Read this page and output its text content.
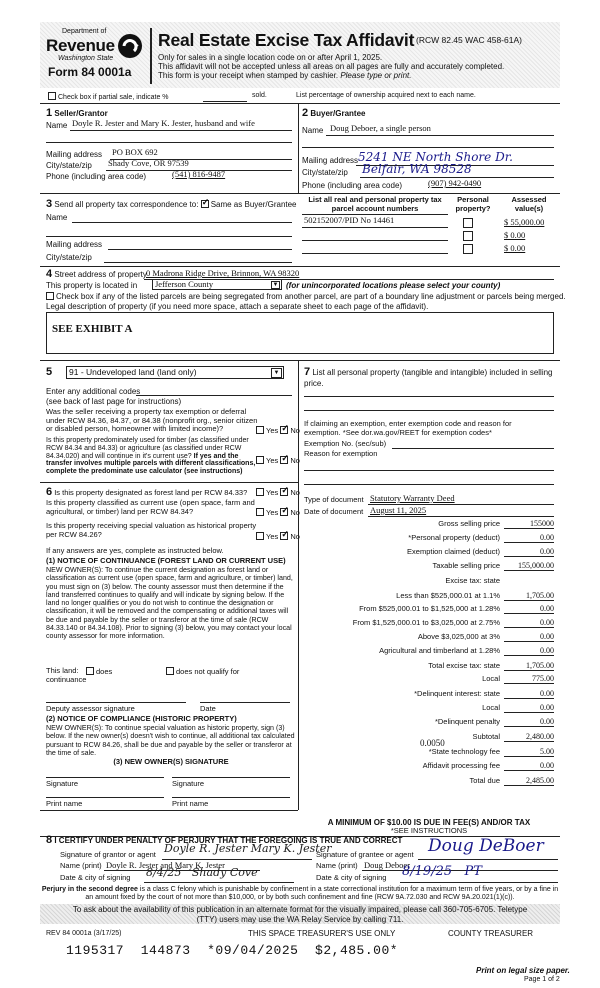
Department of
Revenue
Washington State
Form 84 0001a
Real Estate Excise Tax Affidavit (RCW 82.45 WAC 458-61A)
Only for sales in a single location code on or after April 1, 2025.
This affidavit will not be accepted unless all areas on all pages are fully and accurately completed.
This form is your receipt when stamped by cashier. Please type or print.
Check box if partial sale, indicate %	sold.	List percentage of ownership acquired next to each name.
1 Seller/Grantor
Name Doyle R. Jester and Mary K. Jester, husband and wife
Mailing address PO BOX 692
City/state/zip Shady Cove, OR 97539
Phone (including area code)	(541) 816-9487
2 Buyer/Grantee
Name Doug Deboer, a single person
Mailing address 5241 NE North Shore Dr.
City/state/zip Belfair, WA 98528
Phone (including area code)	(907) 942-0490
3 Send all property tax correspondence to: ✓ Same as Buyer/Grantee
Name
Mailing address
City/state/zip
List all real and personal property tax parcel account numbers
Personal property?
Assessed value(s)
502152007/PID No 14461	$ 55,000.00
$ 0.00
$ 0.00
4 Street address of property 0 Madrona Ridge Drive, Brinnon, WA 98320
This property is located in Jefferson County	▼ (for unincorporated locations please select your county)
Check box if any of the listed parcels are being segregated from another parcel, are part of a boundary line adjustment or parcels being merged.
Legal description of property (if you need more space, attach a separate sheet to each page of the affidavit).
SEE EXHIBIT A
5 91 - Undeveloped land (land only)	▼
Enter any additional codes
(see back of last page for instructions)
Was the seller receiving a property tax exemption or deferral under RCW 84.36, 84.37, or 84.38 (nonprofit org., senior citizen or disabled person, homeowner with limited income)?	Yes ✓ No
Is this property predominately used for timber (as classified under RCW 84.34 and 84.33) or agriculture (as classified under RCW 84.34.020) and will continue in it's current use? If yes and the transfer involves multiple parcels with different classifications, complete the predominate use calculator (see instructions)
Yes ✓ No
6 Is this property designated as forest land per RCW 84.33?	Yes ✓ No
Is this property classified as current use (open space, farm and agricultural, or timber) land per RCW 84.34?	Yes ✓ No
Is this property receiving special valuation as historical property per RCW 84.26?	Yes ✓ No
If any answers are yes, complete as instructed below.
(1) NOTICE OF CONTINUANCE (FOREST LAND OR CURRENT USE)
NEW OWNER(S): To continue the current designation as forest land or classification as current use (open space, farm and agriculture, or timber) land, you must sign on (3) below. The county assessor must then determine if the land transferred continues to qualify and will indicate by signing below. If the land no longer qualifies or you do not wish to continue the designation or classification, it will be removed and the compensating or additional taxes will be due and payable by the seller or transferor at the time of sale (RCW 84.33.140 or 84.34.108). Prior to signing (3) below, you may contact your local county assessor for more information.
This land:	does	does not qualify for
continuance
Deputy assessor signature	Date
(2) NOTICE OF COMPLIANCE (HISTORIC PROPERTY)
NEW OWNER(S): To continue special valuation as historic property, sign (3) below. If the new owner(s) doesn't wish to continue, all additional tax calculated pursuant to RCW 84.26, shall be due and payable by the seller or transferor at the time of sale.
(3) NEW OWNER(S) SIGNATURE
Signature	Signature
Print name	Print name
7 List all personal property (tangible and intangible) included in selling price.
If claiming an exemption, enter exemption code and reason for exemption. *See dor.wa.gov/REET for exemption codes*
Exemption No. (sec/sub)
Reason for exemption
Type of document Statutory Warranty Deed
Date of document August 11, 2025
Gross selling price	155000
*Personal property (deduct)	0.00
Exemption claimed (deduct)	0.00
Taxable selling price	155,000.00
Excise tax: state
Less than $525,000.01 at 1.1%	1,705.00
From $525,000.01 to $1,525,000 at 1.28%	0.00
From $1,525,000.01 to $3,025,000 at 2.75%	0.00
Above $3,025,000 at 3%	0.00
Agricultural and timberland at 1.28%	0.00
Total excise tax: state	1,705.00
Local	775.00
*Delinquent interest: state	0.00
Local	0.00
*Delinquent penalty	0.00
Subtotal	2,480.00
*State technology fee	5.00
Affidavit processing fee	0.00
Total due	2,485.00
0.0050
A MINIMUM OF $10.00 IS DUE IN FEE(S) AND/OR TAX
*SEE INSTRUCTIONS
8 I CERTIFY UNDER PENALTY OF PERJURY THAT THE FOREGOING IS TRUE AND CORRECT
Signature of grantor or agent Doyle R. Jester Mary K. Jester
Name (print) Doyle R. Jester and Mary K. Jester
Date & city of signing 8/4/25   Shady Cove
Signature of grantee or agent Doug DeBoer
Name (print) Doug Deboer
Date & city of signing 8/19/25   PT
Perjury in the second degree is a class C felony which is punishable by confinement in a state correctional institution for a maximum term of five years, or by a fine in an amount fixed by the court of not more than $10,000, or by both such confinement and fine (RCW 9A.72.030 and RCW 9A.20.021(1)(c)).
To ask about the availability of this publication in an alternate format for the visually impaired, please call 360-705-6705. Teletype (TTY) users may use the WA Relay Service by calling 711.
REV 84 0001a (3/17/25)	THIS SPACE TREASURER'S USE ONLY	COUNTY TREASURER
1195317  144873  *09/04/2025  $2,485.00*
Print on legal size paper.
Page 1 of 2
